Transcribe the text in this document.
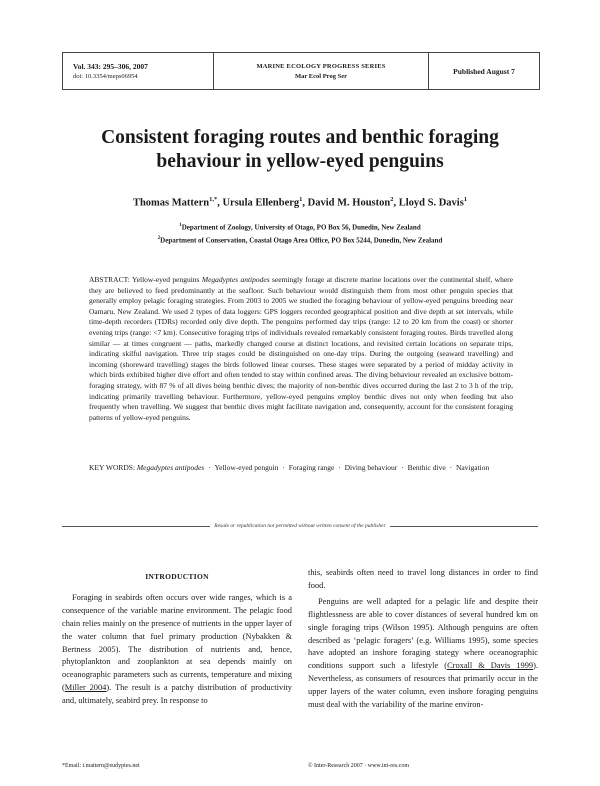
Vol. 343: 295–306, 2007
doi: 10.3354/meps06954
MARINE ECOLOGY PROGRESS SERIES
Mar Ecol Prog Ser
Published August 7
Consistent foraging routes and benthic foraging
behaviour in yellow-eyed penguins
Thomas Mattern$^{1,*}$, Ursula Ellenberg$^1$, David M. Houston$^2$, Lloyd S. Davis$^1$
$^1$Department of Zoology, University of Otago, PO Box 56, Dunedin, New Zealand
$^2$Department of Conservation, Coastal Otago Area Office, PO Box 5244, Dunedin, New Zealand

ABSTRACT: Yellow-eyed penguins Megadyptes antipodes seemingly forage at discrete marine locations over the continental shelf, where they are believed to feed predominantly at the seafloor. Such behaviour would distinguish them from most other penguin species that generally employ pelagic foraging strategies. From 2003 to 2005 we studied the foraging behaviour of yellow-eyed penguins breeding near Oamaru, New Zealand. We used 2 types of data loggers: GPS loggers recorded geographical position and dive depth at set intervals, while time-depth recorders (TDRs) recorded only dive depth. The penguins performed day trips (range: 12 to 20 km from the coast) or shorter evening trips (range: <7 km). Consecutive foraging trips of individuals revealed remarkably consistent foraging routes. Birds travelled along similar — at times congruent — paths, markedly changed course at distinct locations, and revisited certain locations on separate trips, indicating skilful navigation. Three trip stages could be distinguished on one-day trips. During the outgoing (seaward travelling) and incoming (shoreward travelling) stages the birds followed linear courses. These stages were separated by a period of midday activity in which birds exhibited higher dive effort and often tended to stay within confined areas. The diving behaviour revealed an exclusive bottom-foraging strategy, with 87 % of all dives being benthic dives; the majority of non-benthic dives occurred during the last 2 to 3 h of the trip, indicating primarily travelling behaviour. Furthermore, yellow-eyed penguins employ benthic dives not only when feeding but also frequently when travelling. We suggest that benthic dives might facilitate navigation and, consequently, account for the consistent foraging patterns of yellow-eyed penguins.

KEY WORDS: Megadyptes antipodes · Yellow-eyed penguin · Foraging range · Diving behaviour · Benthic dive · Navigation

Resale or republication not permitted without written consent of the publisher
INTRODUCTION

Foraging in seabirds often occurs over wide ranges, which is a consequence of the variable marine environment. The pelagic food chain relies mainly on the presence of nutrients in the upper layer of the water column that fuel primary production (Nybakken & Bertness 2005). The distribution of nutrients and, hence, phytoplankton and zooplankton at sea depends mainly on oceanographic parameters such as currents, temperature and mixing (Miller 2004). The result is a patchy distribution of productivity and, ultimately, seabird prey. In response to

this, seabirds often need to travel long distances in order to find food.

Penguins are well adapted for a pelagic life and despite their flightlessness are able to cover distances of several hundred km on single foraging trips (Wilson 1995). Although penguins are often described as ‘pelagic foragers’ (e.g. Williams 1995), some species have adopted an inshore foraging stategy where oceanographic conditions support such a lifestyle (Croxall & Davis 1999). Nevertheless, as consumers of resources that primarily occur in the upper layers of the water column, even inshore foraging penguins must deal with the variability of the marine environ-

*Email: t.mattern@eudyptes.net	© Inter-Research 2007 · www.int-res.com
